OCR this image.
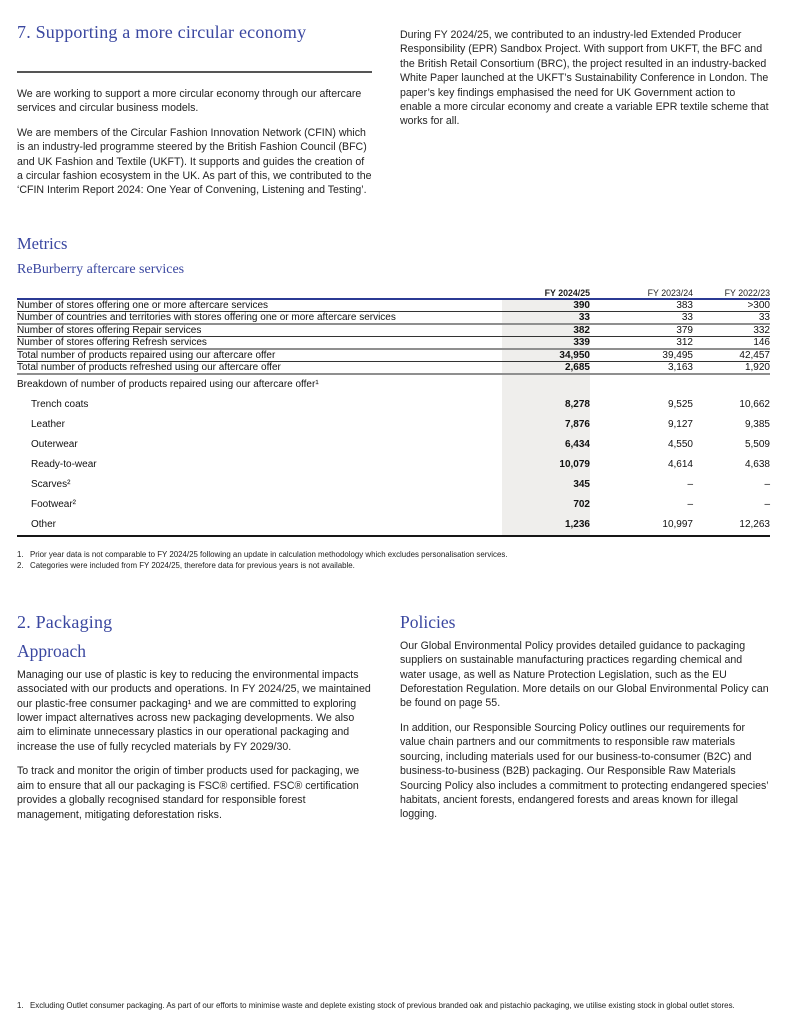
7. Supporting a more circular economy

We are working to support a more circular economy through our aftercare services and circular business models.

We are members of the Circular Fashion Innovation Network (CFIN) which is an industry-led programme steered by the British Fashion Council (BFC) and UK Fashion and Textile (UKFT). It supports and guides the creation of a circular fashion ecosystem in the UK. As part of this, we contributed to the ‘CFIN Interim Report 2024: One Year of Convening, Listening and Testing’.

During FY 2024/25, we contributed to an industry-led Extended Producer Responsibility (EPR) Sandbox Project. With support from UKFT, the BFC and the British Retail Consortium (BRC), the project resulted in an industry-backed White Paper launched at the UKFT’s Sustainability Conference in London. The paper’s key findings emphasised the need for UK Government action to enable a more circular economy and create a variable EPR textile scheme that works for all.

Metrics
ReBurberry aftercare services
	FY 2024/25	FY 2023/24	FY 2022/23
Number of stores offering one or more aftercare services	390	383	>300
Number of countries and territories with stores offering one or more aftercare services	33	33	33
Number of stores offering Repair services	382	379	332
Number of stores offering Refresh services	339	312	146
Total number of products repaired using our aftercare offer	34,950	39,495	42,457
Total number of products refreshed using our aftercare offer	2,685	3,163	1,920
Breakdown of number of products repaired using our aftercare offer¹			
Trench coats	8,278	9,525	10,662
Leather	7,876	9,127	9,385
Outerwear	6,434	4,550	5,509
Ready-to-wear	10,079	4,614	4,638
Scarves²	345	–	–
Footwear²	702	–	–
Other	1,236	10,997	12,263
1. Prior year data is not comparable to FY 2024/25 following an update in calculation methodology which excludes personalisation services.
2. Categories were included from FY 2024/25, therefore data for previous years is not available.
2. Packaging
Approach

Managing our use of plastic is key to reducing the environmental impacts associated with our products and operations. In FY 2024/25, we maintained our plastic-free consumer packaging¹ and we are committed to exploring lower impact alternatives across new packaging developments. We also aim to eliminate unnecessary plastics in our operational packaging and increase the use of fully recycled materials by FY 2029/30.

To track and monitor the origin of timber products used for packaging, we aim to ensure that all our packaging is FSC® certified. FSC® certification provides a globally recognised standard for responsible forest management, mitigating deforestation risks.

Policies

Our Global Environmental Policy provides detailed guidance to packaging suppliers on sustainable manufacturing practices regarding chemical and water usage, as well as Nature Protection Legislation, such as the EU Deforestation Regulation. More details on our Global Environmental Policy can be found on page 55.

In addition, our Responsible Sourcing Policy outlines our requirements for value chain partners and our commitments to responsible raw materials sourcing, including materials used for our business-to-consumer (B2C) and business-to-business (B2B) packaging. Our Responsible Raw Materials Sourcing Policy also includes a commitment to protecting endangered species’ habitats, ancient forests, endangered forests and areas known for illegal logging.

1. Excluding Outlet consumer packaging. As part of our efforts to minimise waste and deplete existing stock of previous branded oak and pistachio packaging, we utilise existing stock in global outlet stores.
